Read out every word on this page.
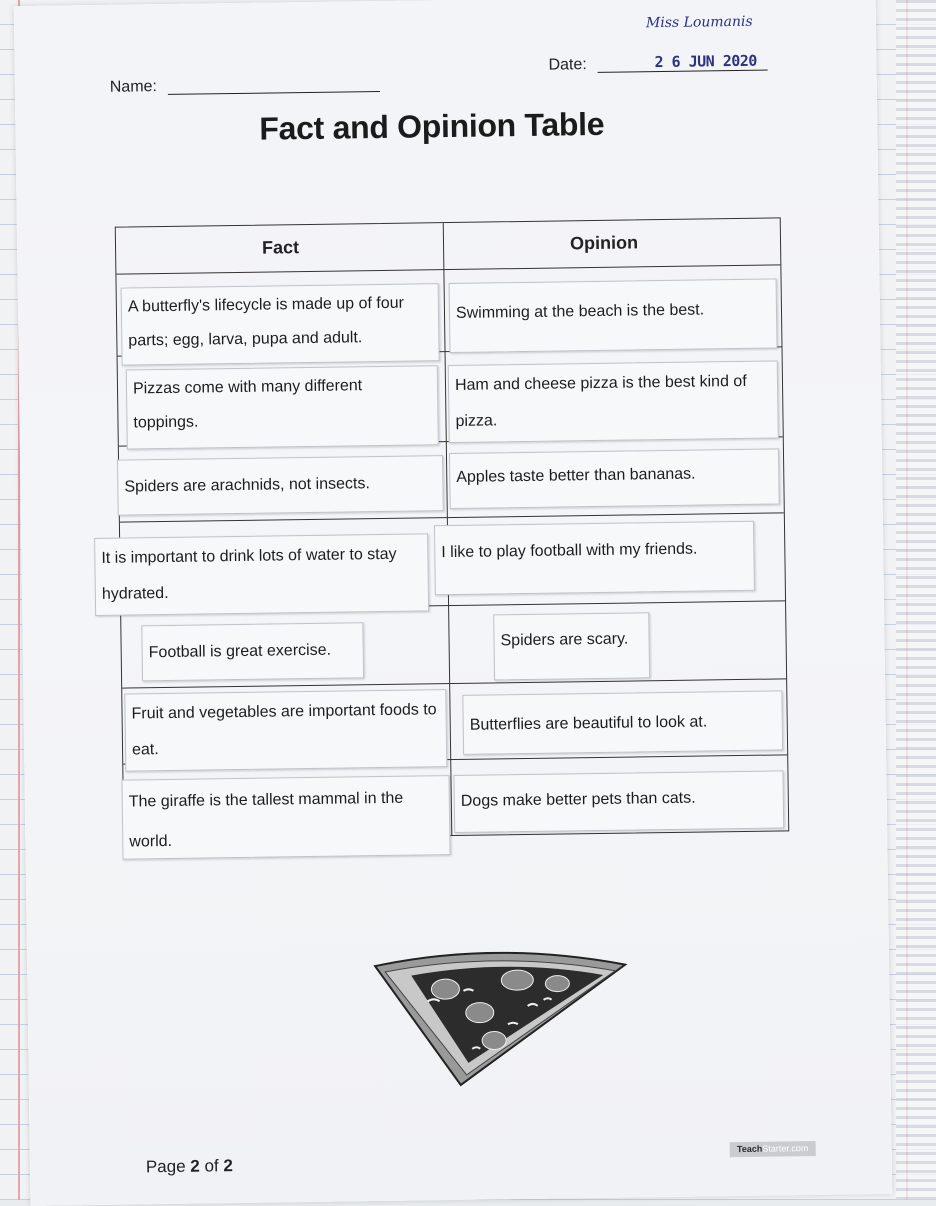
Miss Loumanis
Name:
Date:	2 6 JUN 2020
Fact and Opinion Table
Fact	Opinion
A butterfly's lifecycle is made up of four parts; egg, larva, pupa and adult.
Pizzas come with many different toppings.
Spiders are arachnids, not insects.
It is important to drink lots of water to stay hydrated.
Football is great exercise.
Fruit and vegetables are important foods to eat.
The giraffe is the tallest mammal in the world.
Swimming at the beach is the best.
Ham and cheese pizza is the best kind of pizza.
Apples taste better than bananas.
I like to play football with my friends.
Spiders are scary.
Butterflies are beautiful to look at.
Dogs make better pets than cats.
Page 2 of 2
TeachStarter.com
